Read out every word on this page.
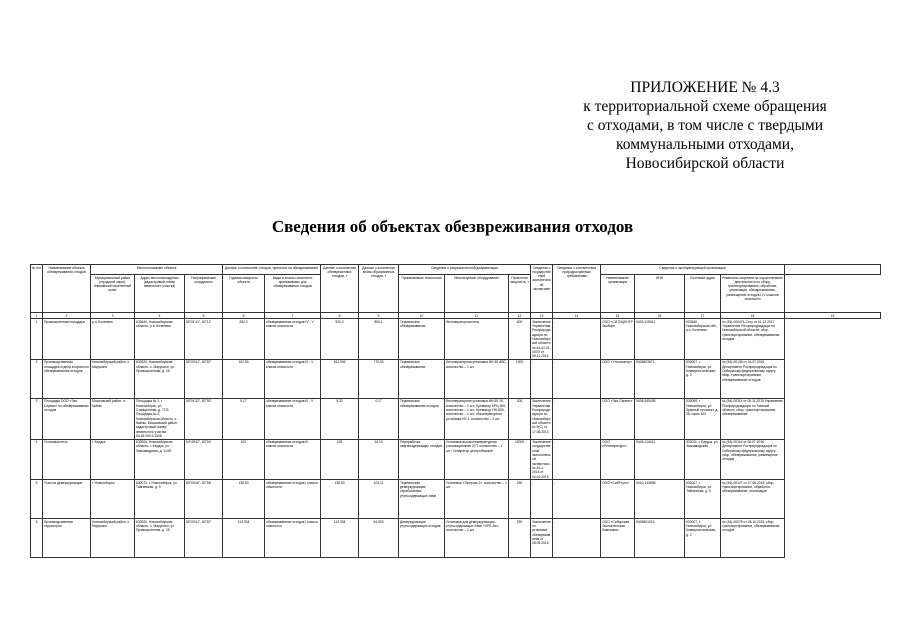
ПРИЛОЖЕНИЕ № 4.3
к территориальной схеме обращения
с отходами, в том числе с твердыми
коммунальными отходами,
Новосибирской области
Сведения об объектах обезвреживания отходов
№ п/п	Наименование объекта обезвреживания отходов	Местоположение объекта			Данные о количестве отходов, принятых на обезвреживание		Данные о количестве обезвреженных отходов, т	Данные о количестве вновь образованных отходов, т	Сведения о разрешительной документации			Сведения о государственной экологической экспертизе	Сведения о соответствии природоохранным требованиям	Сведения о эксплуатирующей организации				
		Муниципальный район (городской округ), ближайший населенный пункт	Адрес местонахождения (кадастровый номер земельного участка)	Географические координаты	Годовая мощность объекта	Виды и классы опасности принимаемых для обезвреживания отходов			Применяемые технологии	Используемое оборудование	Проектная мощность, т			Наименование организации	ИНН	Почтовый адрес	Реквизиты лицензии на осуществление деятельности по сбору, транспортированию, обработке, утилизации, обезвреживанию, размещению отходов I-IV классов опасности	
1	2	3	4	5	6	7	8	9	10	11	12	13	14	15	16	17	18	19
1	Промышленная площадка	р.п. Коченево	633640, Новосибирская область, р.п. Коченево	55°01'41", 82°12'	282,0	обезвреживание отходов IV - V класса опасности	900,0	850,1	Термическое обезвреживание	Инсинераторная печь	800	Заключение Управления Росприроднадзора по Новосибирской области № 64-02-01-000Э от 05.11.2014	-	ООО «СИТИЦЕНТР Экобор»	5433-115041	633640, Новосибирская обл., р.п. Коченево	№ (54)-000474-Стоу от 01.12.2017 Управление Росприроднадзора по Новосибирской области; сбор, транспортирование, обезвреживание отходов	
2	Производственная площадка отдела вторичного обезвреживания отходов	Новосибирский район, с. Марусино	630520, Новосибирская область, с. Марусино, ул. Промышленная, д. 25	55°00'41", 82°57'	102,90	обезвреживание отходов III - V класса опасности	162,906	770,30	Термическое обезвреживание	Инсинераторная установка ИН-50 АВС, количество – 1 шт.	1000	-	-	ООО «Утилизатор»	5406803671	630007, г. Новосибирск, ул. Коммунистическая, д. 2	№ (54)-00138 от 04.07.2016 Департамент Росприроднадзора по Сибирскому федеральному округу; сбор, транспортирование, обезвреживание отходов	
3	Площадка ООО «Эко-Сервис» по обезвреживанию отходов	Мошковский район, п. Кайлы	Площадка № 1, г. Новосибирск, ул. Станционная, д. 77/2; Площадка № 2, Новосибирская область, с. Кайлы, Мошковский район, кадастровый номер земельного участка 54:18:000:2:1506	55°01'32", 82°50'	5,17	обезвреживание отходов III - V класса опасности	5,32	0,17	Термическое обезвреживание отходов	Инсинераторная установка ИН-50.1К, количество – 1 шт.; Крематор КРЦ-500, количество – 1 шт.; Крематор УЖ-650, количество – 1 шт.; Инсинераторная установка ИУ-1, количество – 2 шт.	300	Заключение Управления Росприроднадзора по Новосибирской области № 9(С) от 17.06.2013	-	ООО «Эко-Сервис»	5406-545406	630099, г. Новосибирск, ул. Красный проспект, д. 28, офис 403	№ (54)-00114 от 06.11.2015 Управление Росприроднадзора по Томской области; сбор, транспортирование, обезвреживание	
4	Установка печь	г. Бердск	633004, Новосибирская область, г. Бердск, ул. Химзаводская, д. 11/40	54°45'42", 83°04'	407	обезвреживание отходов III класса опасности	105	10,13	Переработка нефтесодержащих отходов	Установка высокотемпературная утилизационная УУТ, количество – 1 шт.; Сепаратор центробежный	10000	Заключение государственной экологической экспертизы № 54-1-2015 от 04.03.2015	-	ООО «Регионресурс»	5445-114411	633011, г. Бердск, ул. Химзаводская	№ (54)-00116 от 06.07.2016 Департамент Росприроднадзора по Сибирскому федеральному округу; сбор, обезвреживание, размещение отходов	
5	Участок демеркуризации	г. Новосибирск	630073, г. Новосибирск, ул. Тайгинская, д. 9	55°00'48", 82°56'	138,50	обезвреживание отходов I класса опасности	138,50	103,11	Термическая демеркуризация отработанных ртутьсодержащих ламп	Установка «Экотром-2», количество – 1 шт.	250	-	-	ООО «СибРтуть»	5410-143855	630027, г. Новосибирск, ул. Тайгинская, д. 9	№ (54)-00127 от 17.06.2016; сбор, транспортирование, обработка, обезвреживание, утилизация	
6	Производственная территория	Новосибирский район, с. Марусино	630520, Новосибирская область, с. Марусино, ул. Промышленная, д. 25	55°00'41", 82°57'	113,334	обезвреживание отходов I класса опасности	113,334	84,992	Демеркуризация ртутьсодержащих отходов	Установка для демеркуризации ртутьсодержащих ламп «УРЛ-2м», количество – 1 шт.	250	Заключение по установке обезвреживания от 28.05.2015	-	ООО «Сибирская Экологическая Компания»	5406561015	630007, г. Новосибирск, ул. Коммунистическая, д. 2	№ (54)-00079 от 08.10.2015; сбор, транспортирование, обезвреживание отходов	
